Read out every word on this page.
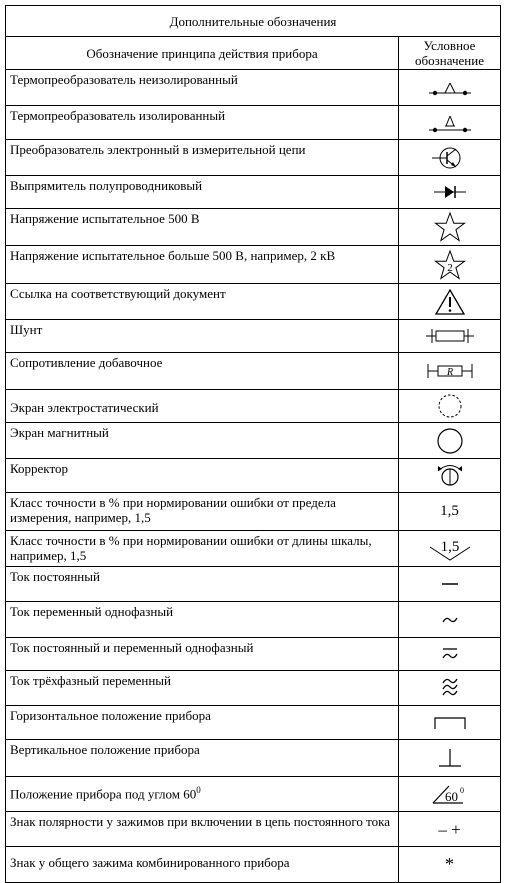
Дополнительные обозначения	
Обозначение принципа действия прибора	Условное обозначение
Термопреобразователь неизолированный	

Термопреобразователь изолированный	

Преобразователь электронный в измерительной цепи	

Выпрямитель полупроводниковый	

Напряжение испытательное 500 В	

Напряжение испытательное больше 500 В, например, 2 кВ	2

Ссылка на соответствующий документ	

Шунт	

Сопротивление добавочное	R

Экран электростатический	

Экран магнитный	

Корректор	

Класс точности в % при нормировании ошибки от предела измерения, например, 1,5	1,5
Класс точности в % при нормировании ошибки от длины шкалы, например, 1,5	1,5

Ток постоянный	

Ток переменный однофазный	

Ток постоянный и переменный однофазный	

Ток трёхфазный переменный	

Горизонтальное положение прибора	

Вертикальное положение прибора	

Положение прибора под углом $60^0$	60 0

Знак полярности у зажимов при включении в цепь постоянного тока	– +
Знак у общего зажима комбинированного прибора	*
